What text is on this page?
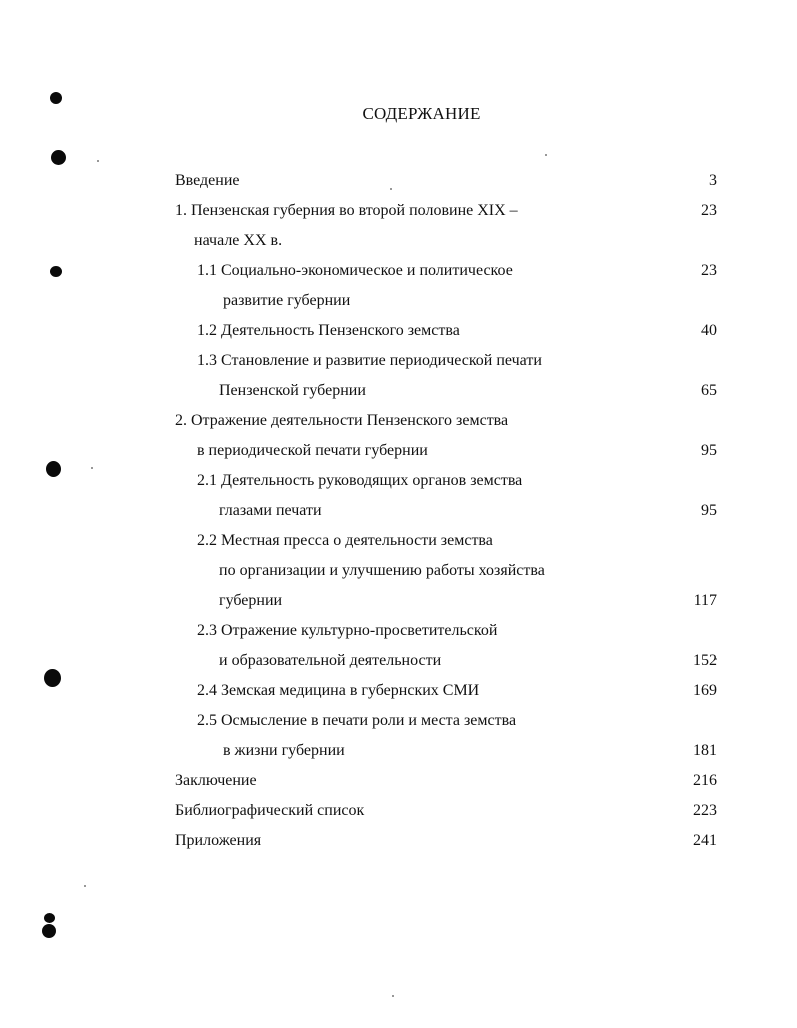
СОДЕРЖАНИЕ
Введение	3
1. Пензенская губерния во второй половине XIX –	23
начале XX в.
1.1 Социально-экономическое и политическое	23
развитие губернии
1.2 Деятельность Пензенского земства	40
1.3 Становление и развитие периодической печати
Пензенской губернии	65
2. Отражение деятельности Пензенского земства
в периодической печати губернии	95
2.1 Деятельность руководящих органов земства
глазами печати	95
2.2 Местная пресса о деятельности земства
по организации и улучшению работы хозяйства
губернии	117
2.3 Отражение культурно-просветительской
и образовательной деятельности	152
2.4 Земская медицина в губернских СМИ	169
2.5 Осмысление в печати роли и места земства
в жизни губернии	181
Заключение	216
Библиографический список	223
Приложения	241
